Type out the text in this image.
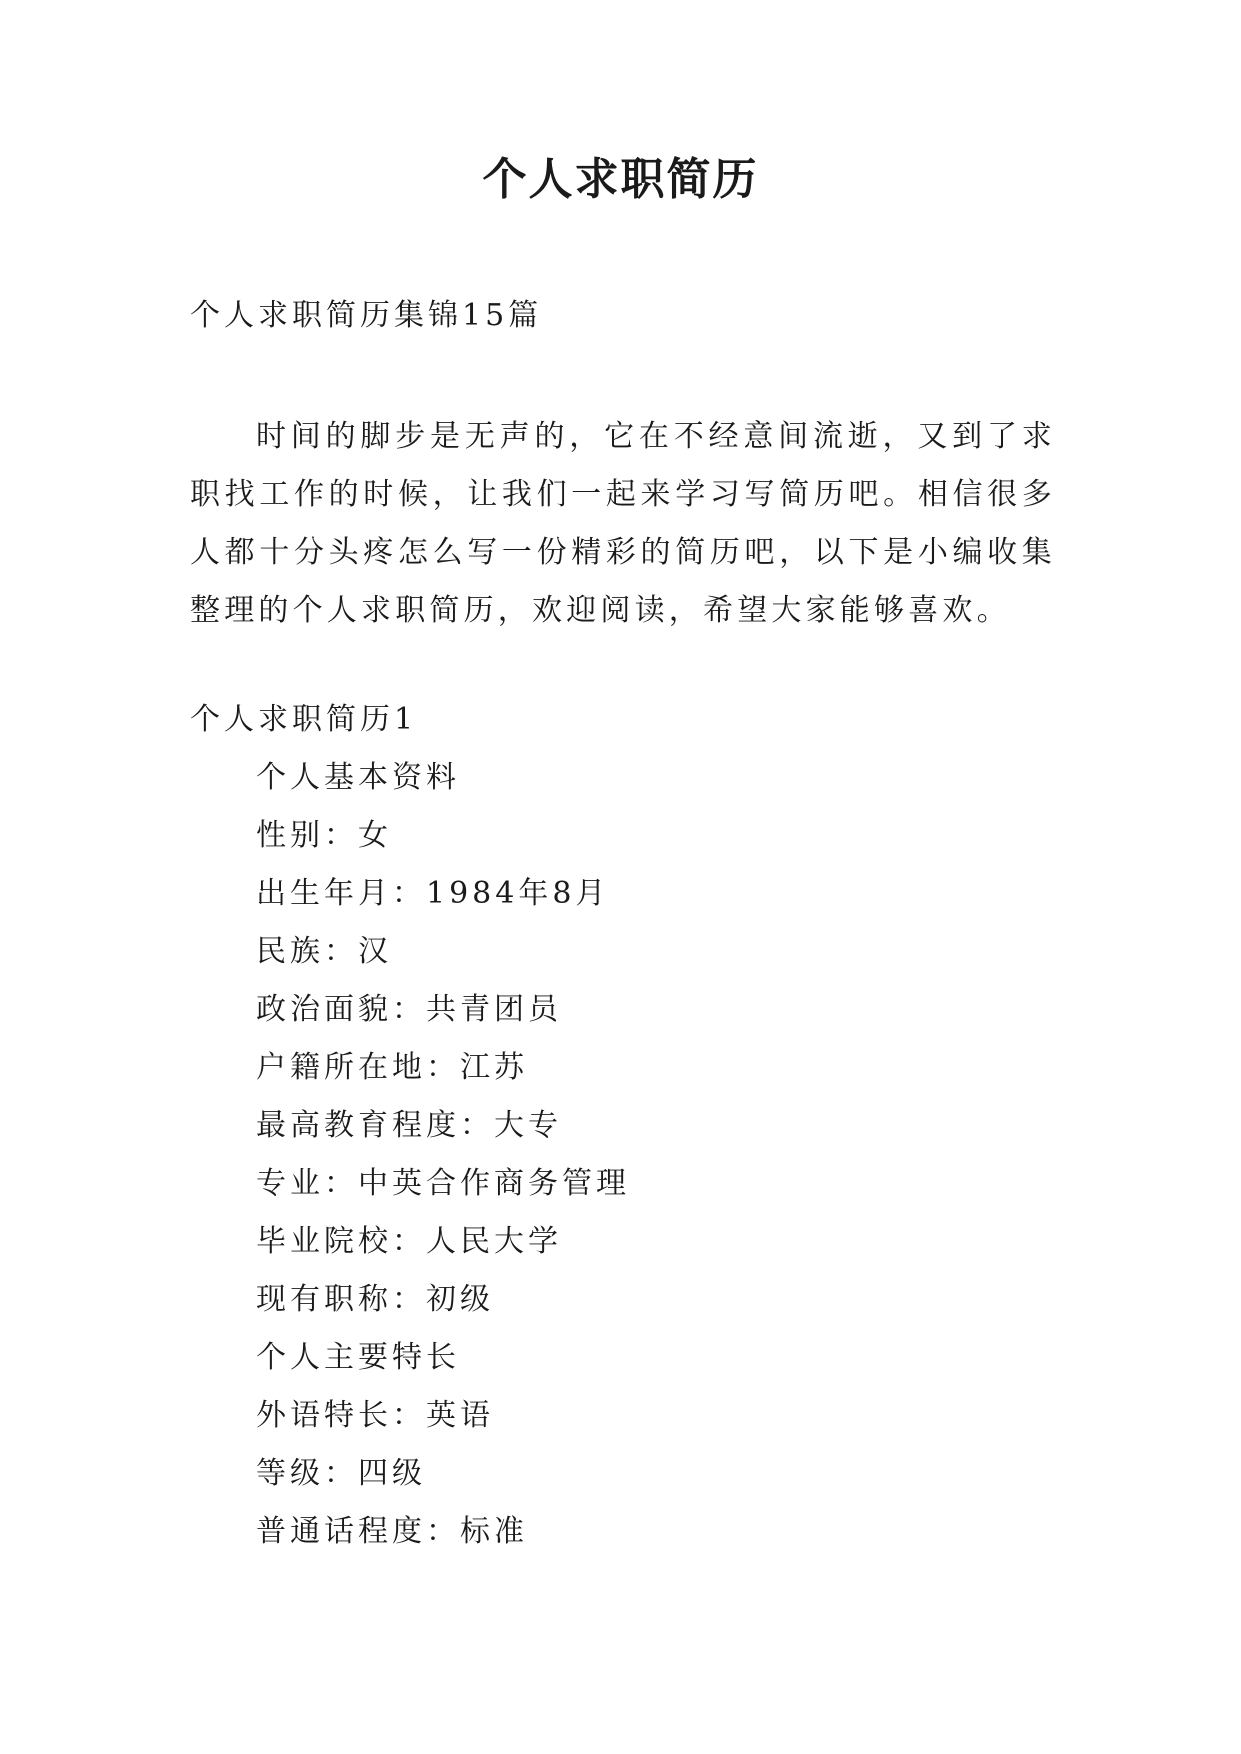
个人求职简历

个人求职简历集锦15篇

时间的脚步是无声的，它在不经意间流逝，又到了求职找工作的时候，让我们一起来学习写简历吧。相信很多人都十分头疼怎么写一份精彩的简历吧，以下是小编收集整理的个人求职简历，欢迎阅读，希望大家能够喜欢。

个人求职简历1

个人基本资料

性别：女

出生年月：1984年8月

民族：汉

政治面貌：共青团员

户籍所在地：江苏

最高教育程度：大专

专业：中英合作商务管理

毕业院校：人民大学

现有职称：初级

个人主要特长

外语特长：英语

等级：四级

普通话程度：标准
